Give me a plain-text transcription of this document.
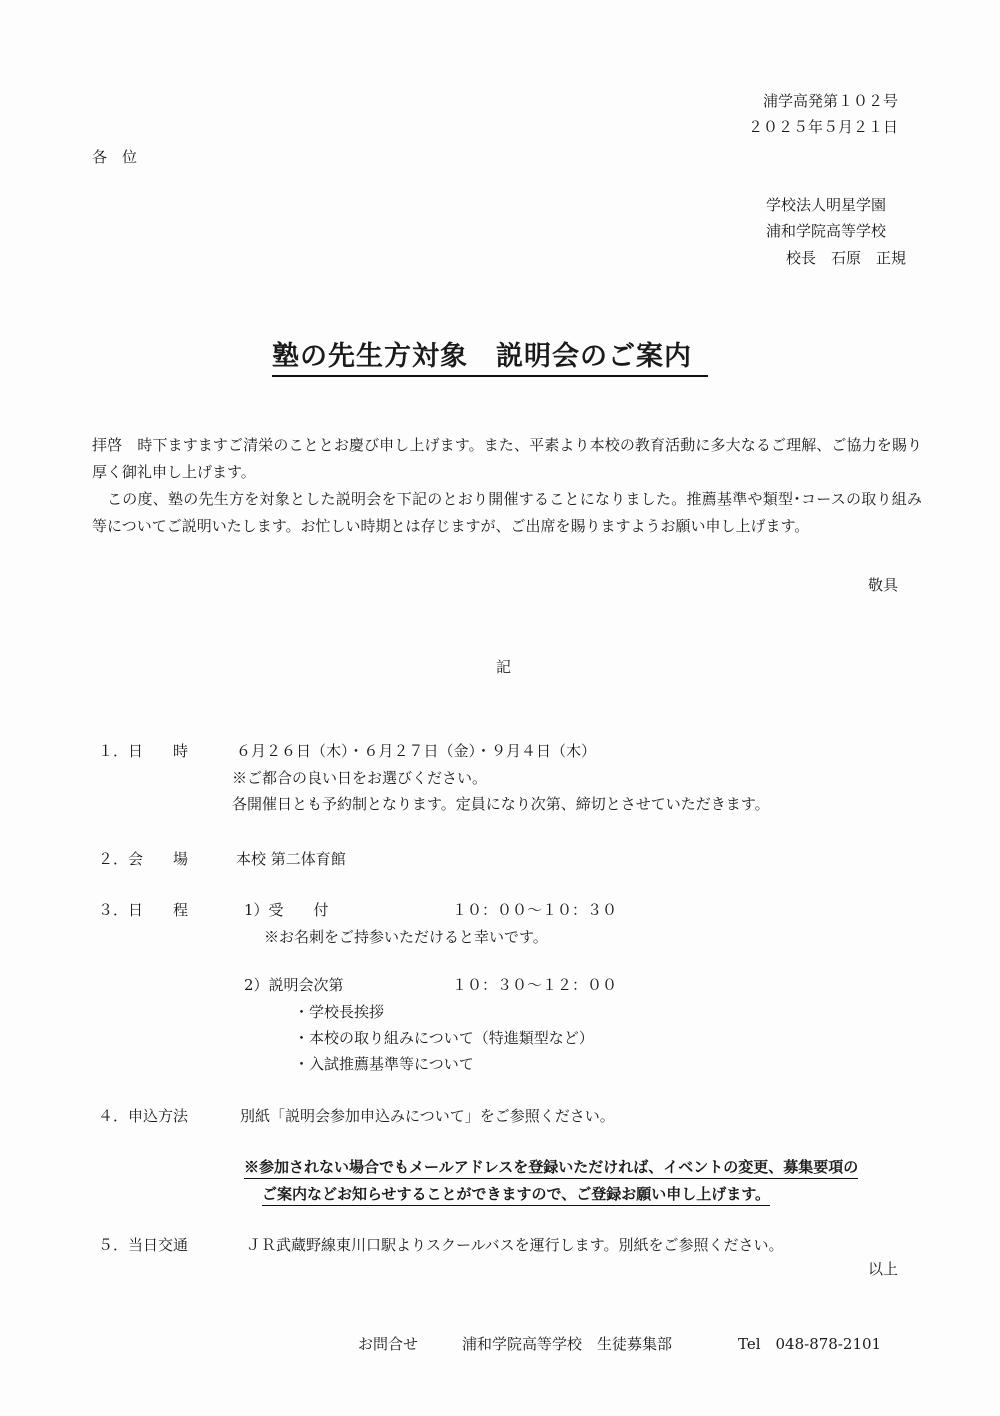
浦学高発第１０２号
２０２５年５月２１日
各　位
学校法人明星学園
浦和学院高等学校
校長　石原　正規
塾の先生方対象　説明会のご案内
拝啓　時下ますますご清栄のこととお慶び申し上げます。また、平素より本校の教育活動に多大なるご理解、ご協力を賜り厚く御礼申し上げます。
この度、塾の先生方を対象とした説明会を下記のとおり開催することになりました。推薦基準や類型･コースの取り組み等についてご説明いたします。お忙しい時期とは存じますが、ご出席を賜りますようお願い申し上げます。
敬具
記
１． 日　　時	６月２６日（木）・６月２７日（金）・９月４日（木）
※ご都合の良い日をお選びください。
各開催日とも予約制となります。定員になり次第、締切とさせていただきます。
２． 会　　場	本校 第二体育館
３． 日　　程	1）受　　付	１０：００～１０：３０
※お名刺をご持参いただけると幸いです。
2）説明会次第	１０：３０～１２：００
・学校長挨拶
・本校の取り組みについて（特進類型など）
・入試推薦基準等について
４． 申込方法	別紙「説明会参加申込みについて」をご参照ください。
※参加されない場合でもメールアドレスを登録いただければ、イベントの変更、募集要項の
ご案内などお知らせすることができますので、ご登録お願い申し上げます。
５． 当日交通	ＪＲ武蔵野線東川口駅よりスクールバスを運行します。別紙をご参照ください。
以上
お問合せ	浦和学院高等学校　生徒募集部	Tel　048-878-2101
